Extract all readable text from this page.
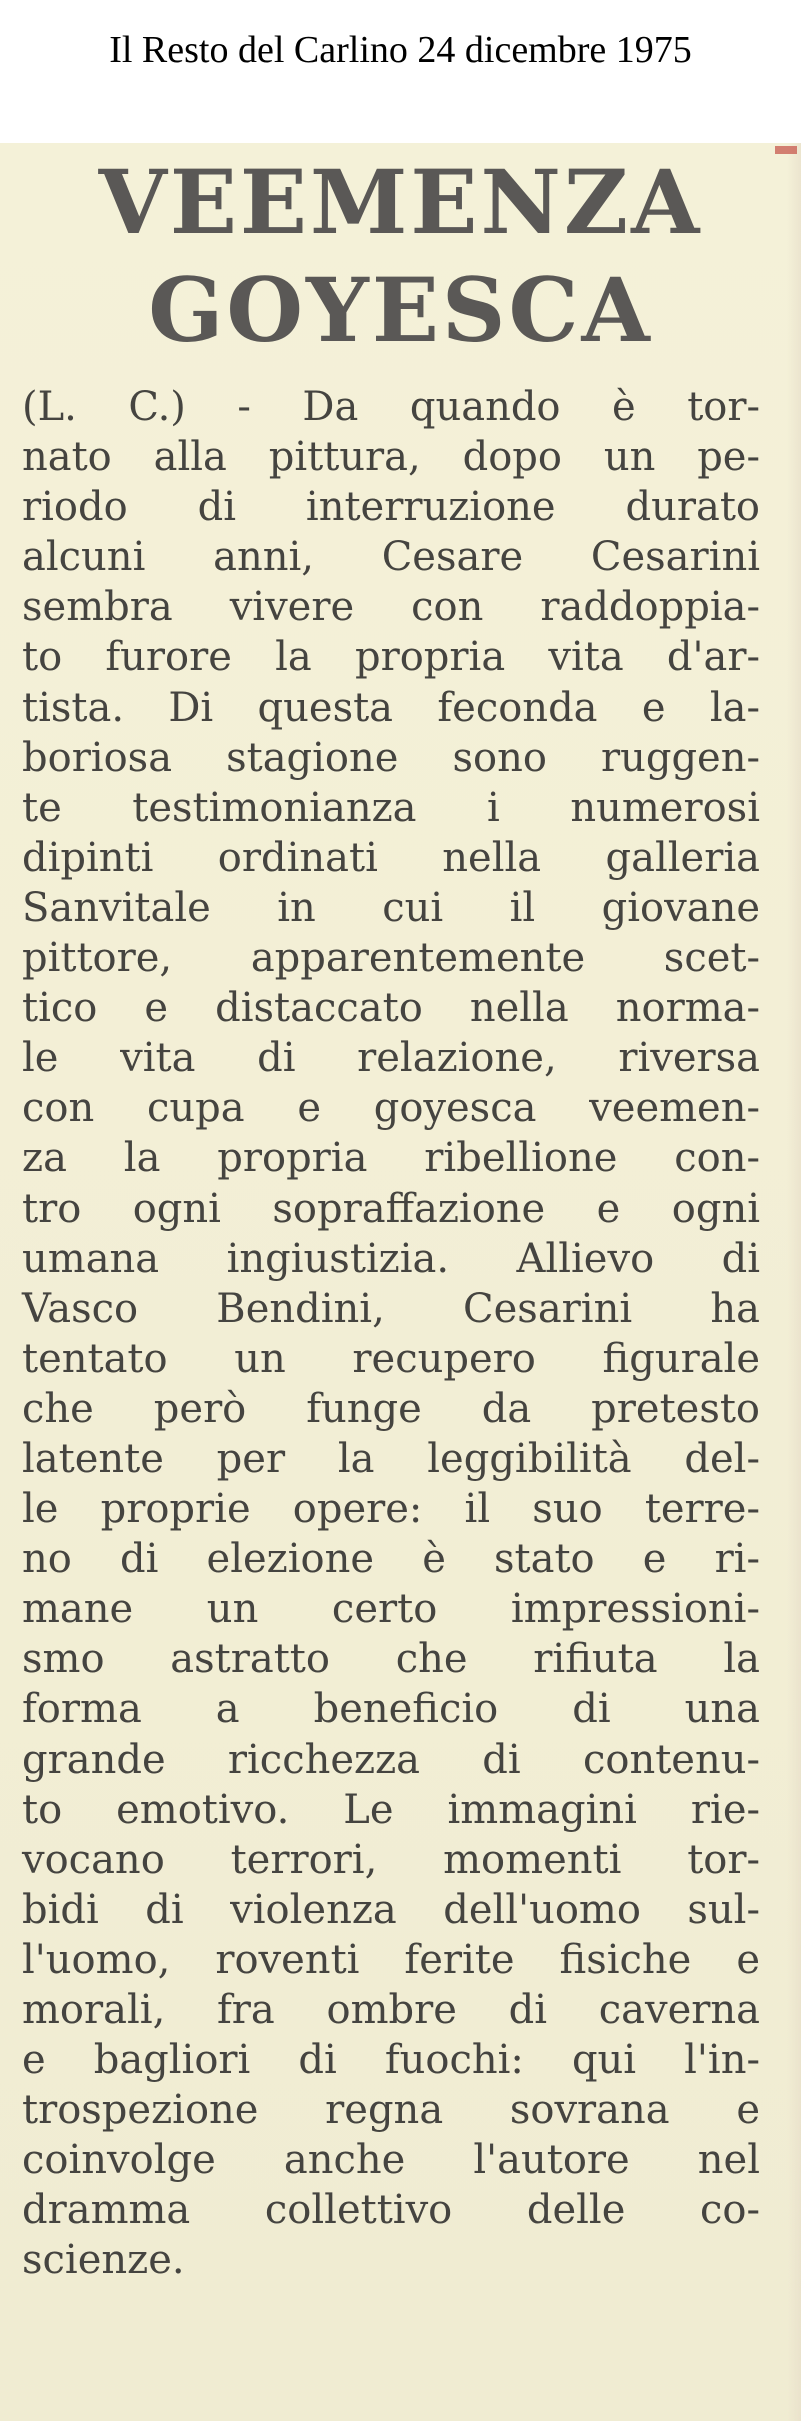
Il Resto del Carlino 24 dicembre 1975
VEEMENZA
GOYESCA
(L. C.) - Da quando è tor-
nato alla pittura, dopo un pe-
riodo di interruzione durato
alcuni anni, Cesare Cesarini
sembra vivere con raddoppia-
to furore la propria vita d'ar-
tista. Di questa feconda e la-
boriosa stagione sono ruggen-
te testimonianza i numerosi
dipinti ordinati nella galleria
Sanvitale in cui il giovane
pittore, apparentemente scet-
tico e distaccato nella norma-
le vita di relazione, riversa
con cupa e goyesca veemen-
za la propria ribellione con-
tro ogni sopraffazione e ogni
umana ingiustizia. Allievo di
Vasco Bendini, Cesarini ha
tentato un recupero figurale
che però funge da pretesto
latente per la leggibilità del-
le proprie opere: il suo terre-
no di elezione è stato e ri-
mane un certo impressioni-
smo astratto che rifiuta la
forma a beneficio di una
grande ricchezza di contenu-
to emotivo. Le immagini rie-
vocano terrori, momenti tor-
bidi di violenza dell'uomo sul-
l'uomo, roventi ferite fisiche e
morali, fra ombre di caverna
e bagliori di fuochi: qui l'in-
trospezione regna sovrana e
coinvolge anche l'autore nel
dramma collettivo delle co-
scienze.
